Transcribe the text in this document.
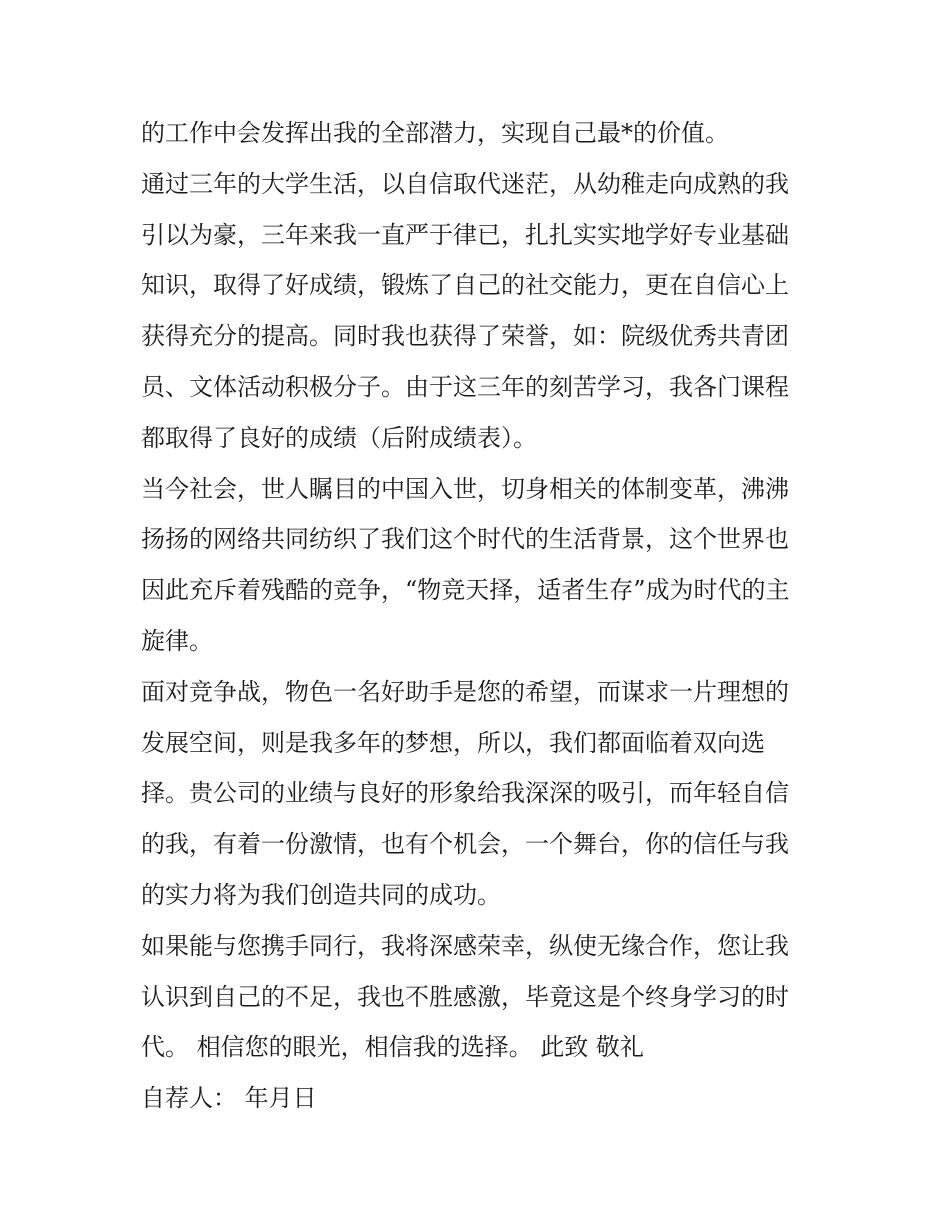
的工作中会发挥出我的全部潜力，实现自己最*的价值。
通过三年的大学生活，以自信取代迷茫，从幼稚走向成熟的我
引以为豪，三年来我一直严于律已，扎扎实实地学好专业基础
知识，取得了好成绩，锻炼了自己的社交能力，更在自信心上
获得充分的提高。同时我也获得了荣誉，如：院级优秀共青团
员、文体活动积极分子。由于这三年的刻苦学习，我各门课程
都取得了良好的成绩（后附成绩表）。
当今社会，世人瞩目的中国入世，切身相关的体制变革，沸沸
扬扬的网络共同纺织了我们这个时代的生活背景，这个世界也
因此充斥着残酷的竞争，“物竞天择，适者生存”成为时代的主
旋律。
面对竞争战，物色一名好助手是您的希望，而谋求一片理想的
发展空间，则是我多年的梦想，所以，我们都面临着双向选
择。贵公司的业绩与良好的形象给我深深的吸引，而年轻自信
的我，有着一份激情，也有个机会，一个舞台，你的信任与我
的实力将为我们创造共同的成功。
如果能与您携手同行，我将深感荣幸，纵使无缘合作，您让我
认识到自己的不足，我也不胜感激，毕竟这是个终身学习的时
代。 相信您的眼光，相信我的选择。 此致 敬礼
自荐人： 年月日
